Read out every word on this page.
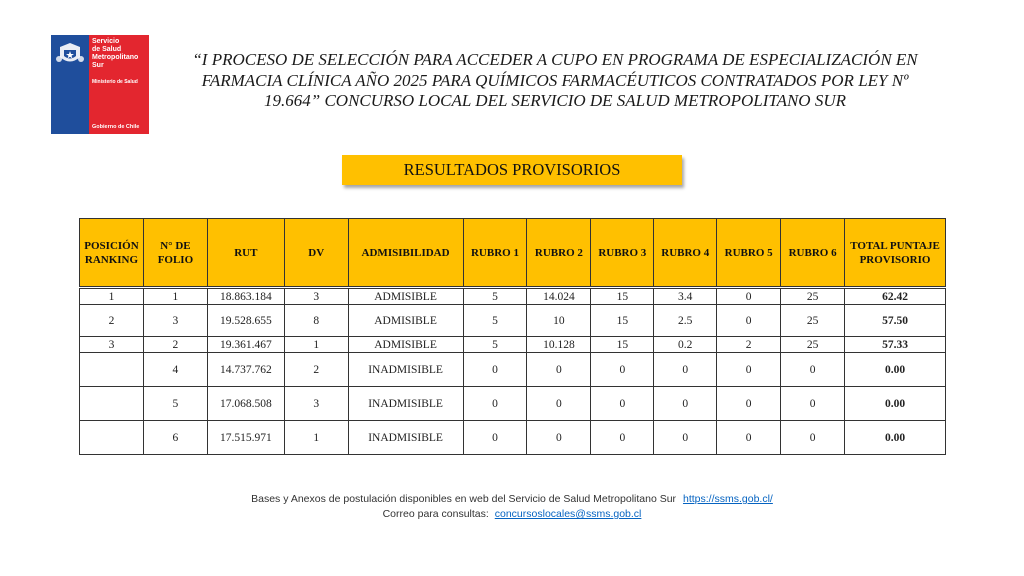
Servicio
de Salud
Metropolitano
Sur
Ministerio de Salud
Gobierno de Chile
“I PROCESO DE SELECCIÓN PARA ACCEDER A CUPO EN PROGRAMA DE ESPECIALIZACIÓN EN FARMACIA CLÍNICA AÑO 2025 PARA QUÍMICOS FARMACÉUTICOS CONTRATADOS POR LEY Nº 19.664” CONCURSO LOCAL DEL SERVICIO DE SALUD METROPOLITANO SUR
RESULTADOS PROVISORIOS
POSICIÓN RANKING	N° DE FOLIO	RUT	DV	ADMISIBILIDAD	RUBRO 1	RUBRO 2	RUBRO 3	RUBRO 4	RUBRO 5	RUBRO 6	TOTAL PUNTAJE PROVISORIO

1	1	18.863.184	3	ADMISIBLE	5	14.024	15	3.4	0	25	62.42
2	3	19.528.655	8	ADMISIBLE	5	10	15	2.5	0	25	57.50
3	2	19.361.467	1	ADMISIBLE	5	10.128	15	0.2	2	25	57.33
	4	14.737.762	2	INADMISIBLE	0	0	0	0	0	0	0.00
	5	17.068.508	3	INADMISIBLE	0	0	0	0	0	0	0.00
	6	17.515.971	1	INADMISIBLE	0	0	0	0	0	0	0.00
Bases y Anexos de postulación disponibles en web del Servicio de Salud Metropolitano Sur https://ssms.gob.cl/
Correo para consultas: concursoslocales@ssms.gob.cl
